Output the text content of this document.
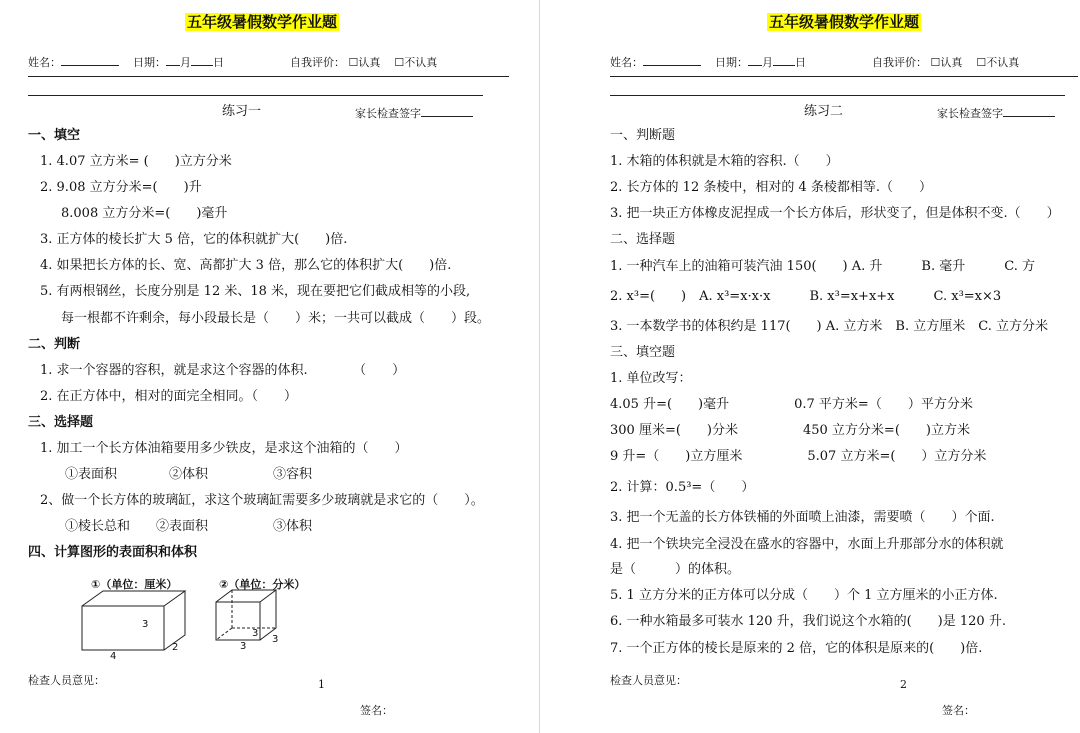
五年级暑假数学作业题
姓名：	日期： 月 日	自我评价： ☐认真 ☐不认真
练习一	家长检查签字
一、填空
1. 4.07 立方米= (　　)立方分米
2. 9.08 立方分米=(　　)升
8.008 立方分米=(　　)毫升
3. 正方体的棱长扩大 5 倍，它的体积就扩大(　　)倍.
4. 如果把长方体的长、宽、高都扩大 3 倍，那么它的体积扩大(　　)倍.
5. 有两根钢丝，长度分别是 12 米、18 米，现在要把它们截成相等的小段,
每一根都不许剩余，每小段最长是（　　）米；一共可以截成（　　）段。
二、判断
1. 求一个容器的容积，就是求这个容器的体积.　　　　（　　）
2. 在正方体中，相对的面完全相同。（　　）
三、选择题
1. 加工一个长方体油箱要用多少铁皮，是求这个油箱的（　　）
①表面积　　　　②体积　　　　　③容积
2、做一个长方体的玻璃缸，求这个玻璃缸需要多少玻璃就是求它的（　　）。
①棱长总和　　②表面积　　　　　③体积
四、计算图形的表面积和体积
①（单位：厘米）	②（单位：分米）
3
2
4
3
3
3
检查人员意见：	1
签名：
五年级暑假数学作业题
姓名：	日期： 月 日	自我评价： ☐认真 ☐不认真
练习二	家长检查签字
一、判断题
1. 木箱的体积就是木箱的容积.（　　）
2. 长方体的 12 条棱中，相对的 4 条棱都相等.（　　）
3. 把一块正方体橡皮泥捏成一个长方体后，形状变了，但是体积不变.（　　）
二、选择题
1. 一种汽车上的油箱可装汽油 150(　　) A. 升　　　B. 毫升　　　C. 方
2. x³=(　　)　A. x³=x·x·x　　　B. x³=x+x+x　　　C. x³=x×3
3. 一本数学书的体积约是 117(　　) A. 立方米　B. 立方厘米　C. 立方分米
三、填空题
1. 单位改写：
4.05 升=(　　)毫升　　　　　0.7 平方米=（　　）平方分米
300 厘米=(　　)分米　　　　　450 立方分米=(　　)立方米
9 升=（　　)立方厘米　　　　　5.07 立方米=(　　）立方分米
2. 计算：0.5³=（　　）
3. 把一个无盖的长方体铁桶的外面喷上油漆，需要喷（　　）个面.
4. 把一个铁块完全浸没在盛水的容器中，水面上升那部分水的体积就
是（　　　）的体积。
5. 1 立方分米的正方体可以分成（　　）个 1 立方厘米的小正方体.
6. 一种水箱最多可装水 120 升，我们说这个水箱的(　　)是 120 升.
7. 一个正方体的棱长是原来的 2 倍，它的体积是原来的(　　)倍.
检查人员意见：	2
签名：
